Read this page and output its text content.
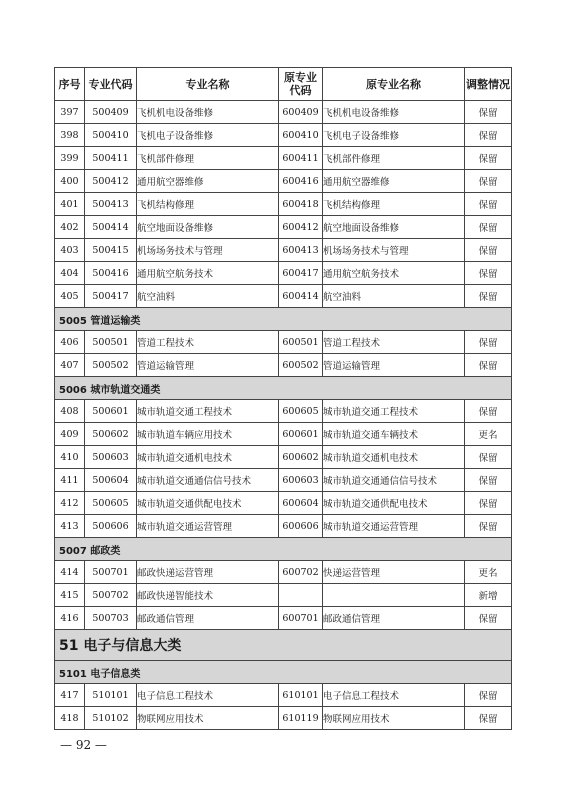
序号	专业代码	专业名称	原专业代码	原专业名称	调整情况
397	500409	飞机机电设备维修	600409	飞机机电设备维修	保留
398	500410	飞机电子设备维修	600410	飞机电子设备维修	保留
399	500411	飞机部件修理	600411	飞机部件修理	保留
400	500412	通用航空器维修	600416	通用航空器维修	保留
401	500413	飞机结构修理	600418	飞机结构修理	保留
402	500414	航空地面设备维修	600412	航空地面设备维修	保留
403	500415	机场场务技术与管理	600413	机场场务技术与管理	保留
404	500416	通用航空航务技术	600417	通用航空航务技术	保留
405	500417	航空油料	600414	航空油料	保留
5005 管道运输类					
406	500501	管道工程技术	600501	管道工程技术	保留
407	500502	管道运输管理	600502	管道运输管理	保留
5006 城市轨道交通类					
408	500601	城市轨道交通工程技术	600605	城市轨道交通工程技术	保留
409	500602	城市轨道车辆应用技术	600601	城市轨道交通车辆技术	更名
410	500603	城市轨道交通机电技术	600602	城市轨道交通机电技术	保留
411	500604	城市轨道交通通信信号技术	600603	城市轨道交通通信信号技术	保留
412	500605	城市轨道交通供配电技术	600604	城市轨道交通供配电技术	保留
413	500606	城市轨道交通运营管理	600606	城市轨道交通运营管理	保留
5007 邮政类					
414	500701	邮政快递运营管理	600702	快递运营管理	更名
415	500702	邮政快递智能技术			新增
416	500703	邮政通信管理	600701	邮政通信管理	保留
51 电子与信息大类					
5101 电子信息类					
417	510101	电子信息工程技术	610101	电子信息工程技术	保留
418	510102	物联网应用技术	610119	物联网应用技术	保留
— 92 —
